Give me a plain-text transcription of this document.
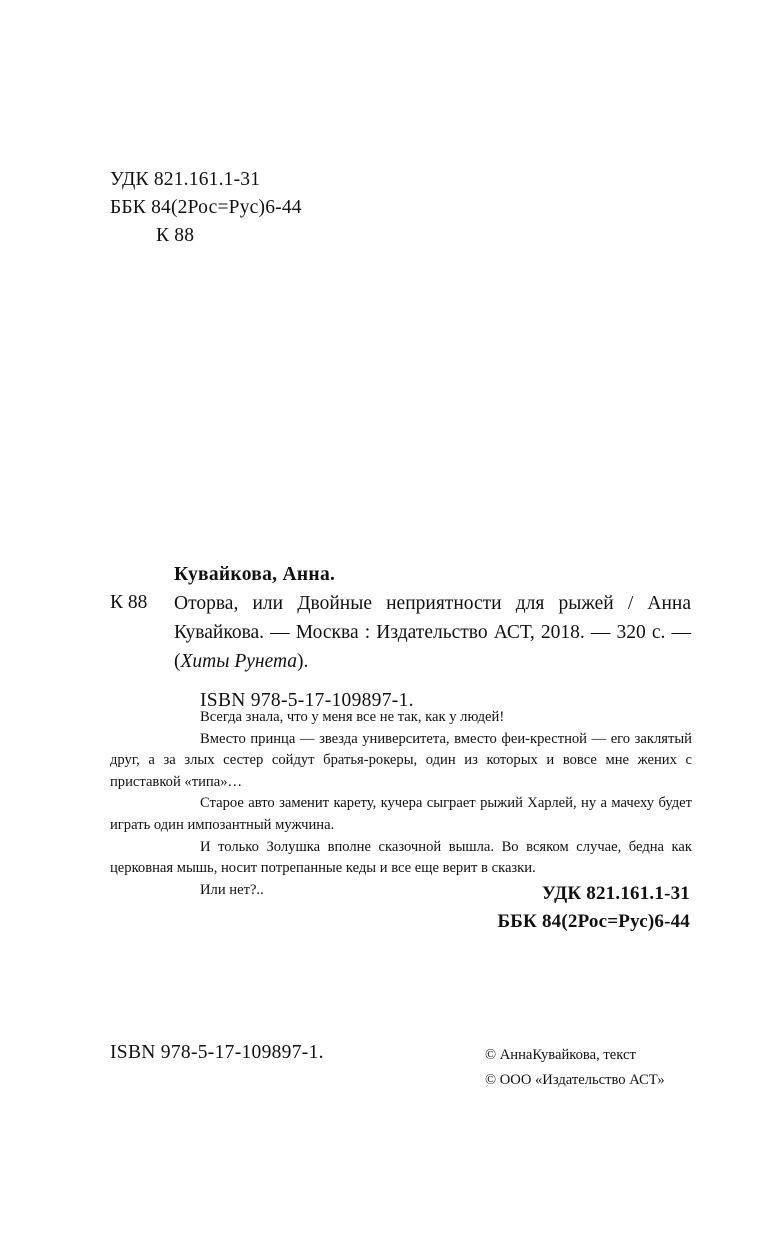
УДК 821.161.1-31
ББК 84(2Рос=Рус)6-44
К 88
К 88

Кувайкова, Анна.

Оторва, или Двойные неприятности для рыжей / Анна Кувайкова. — Москва : Издательство АСТ, 2018. — 320 с. — (Хиты Рунета).

ISBN 978-5-17-109897-1.

Всегда знала, что у меня все не так, как у людей!

Вместо принца — звезда университета, вместо феи-крестной — его заклятый друг, а за злых сестер сойдут братья-рокеры, один из которых и вовсе мне жених с приставкой «типа»…

Старое авто заменит карету, кучера сыграет рыжий Харлей, ну а мачеху будет играть один импозантный мужчина.

И только Золушка вполне сказочной вышла. Во всяком случае, бедна как церковная мышь, носит потрепанные кеды и все еще верит в сказки.

Или нет?..	УДК 821.161.1-31
ББК 84(2Рос=Рус)6-44
ISBN 978-5-17-109897-1.	© АннаКувайкова, текст
© ООО «Издательство АСТ»
